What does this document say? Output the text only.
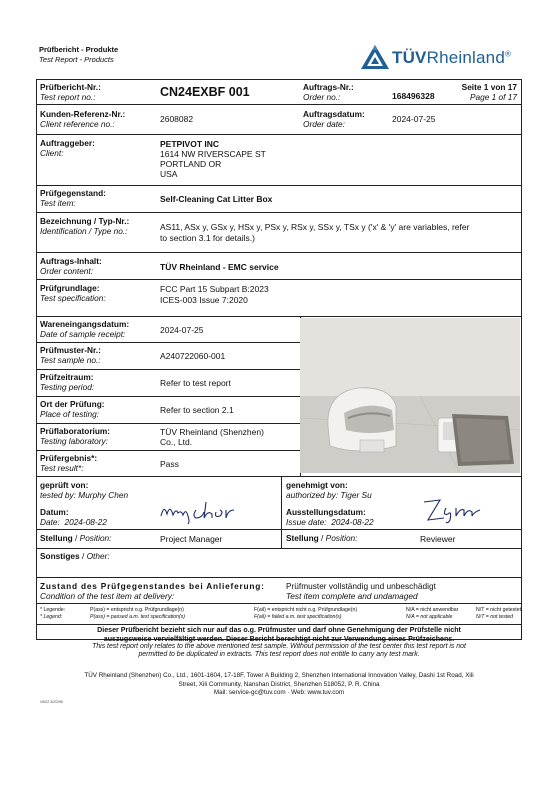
Prüfbericht - Produkte
Test Report - Products	TÜVRheinland®
Prüfbericht-Nr.:
Test report no.:	CN24EXBF 001	Auftrags-Nr.:
Order no.:	168496328
Seite 1 von 17
Page 1 of 17
Kunden-Referenz-Nr.:
Client reference no.:	2608082	Auftragsdatum:
Order date:	2024-07-25
Auftraggeber:
Client:
PETPIVOT INC
1614 NW RIVERSCAPE ST
PORTLAND OR
USA
Prüfgegenstand:
Test item:	Self-Cleaning Cat Litter Box
Bezeichnung / Typ-Nr.:
Identification / Type no.:	AS11, ASx y, GSx y, HSx y, PSx y, RSx y, SSx y, TSx y ('x' & 'y' are variables, refer
to section 3.1 for details.)
Auftrags-Inhalt:
Order content:	TÜV Rheinland - EMC service
Prüfgrundlage:
Test specification:
FCC Part 15 Subpart B:2023
ICES-003 Issue 7:2020
Wareneingangsdatum:
Date of sample receipt:	2024-07-25
Prüfmuster-Nr.:
Test sample no.:	A240722060-001
Prüfzeitraum:
Testing period:	Refer to test report
Ort der Prüfung:
Place of testing:	Refer to section 2.1
Prüflaboratorium:
Testing laboratory:
TÜV Rheinland (Shenzhen)
Co., Ltd.
Prüfergebnis*:
Test result*:	Pass
geprüft von:
tested by: Murphy Chen
Datum:
Date: 2024-08-22
Stellung / Position:	Project Manager
genehmigt von:
authorized by: Tiger Su
Ausstellungsdatum:
Issue date: 2024-08-22
Stellung / Position:	Reviewer
Sonstiges / Other:
Zustand des Prüfgegenstandes bei Anlieferung:
Condition of the test item at delivery:
Prüfmuster vollständig und unbeschädigt
Test item complete and undamaged
* Legende:	P(ass) = entspricht o.g. Prüfgrundlage(n)	F(ail) = entspricht nicht o.g. Prüfgrundlage(n)	N/A = nicht anwendbar	N/T = nicht getestet
* Legend:	P(ass) = passed a.m. test specification(s)	F(ail) = failed a.m. test specification(s)	N/A = not applicable	N/T = not tested
Dieser Prüfbericht bezieht sich nur auf das o.g. Prüfmuster und darf ohne Genehmigung der Prüfstelle nicht
auszugsweise vervielfältigt werden. Dieser Bericht berechtigt nicht zur Verwendung eines Prüfzeichens.
TÜV Rheinland (Shenzhen) Co., Ltd., 1601-1604, 17-18F, Tower A Building 2, Shenzhen International Innovation Valley, Dashi 1st Road, Xili
Street, Xili Community, Nanshan District, Shenzhen 518052, P. R. China
Mail: service-gc@tuv.com · Web: www.tuv.com
V6/02 3/2/2/95
This test report only relates to the above mentioned test sample. Without permission of the test center this test report is not
permitted to be duplicated in extracts. This test report does not entitle to carry any test mark.
